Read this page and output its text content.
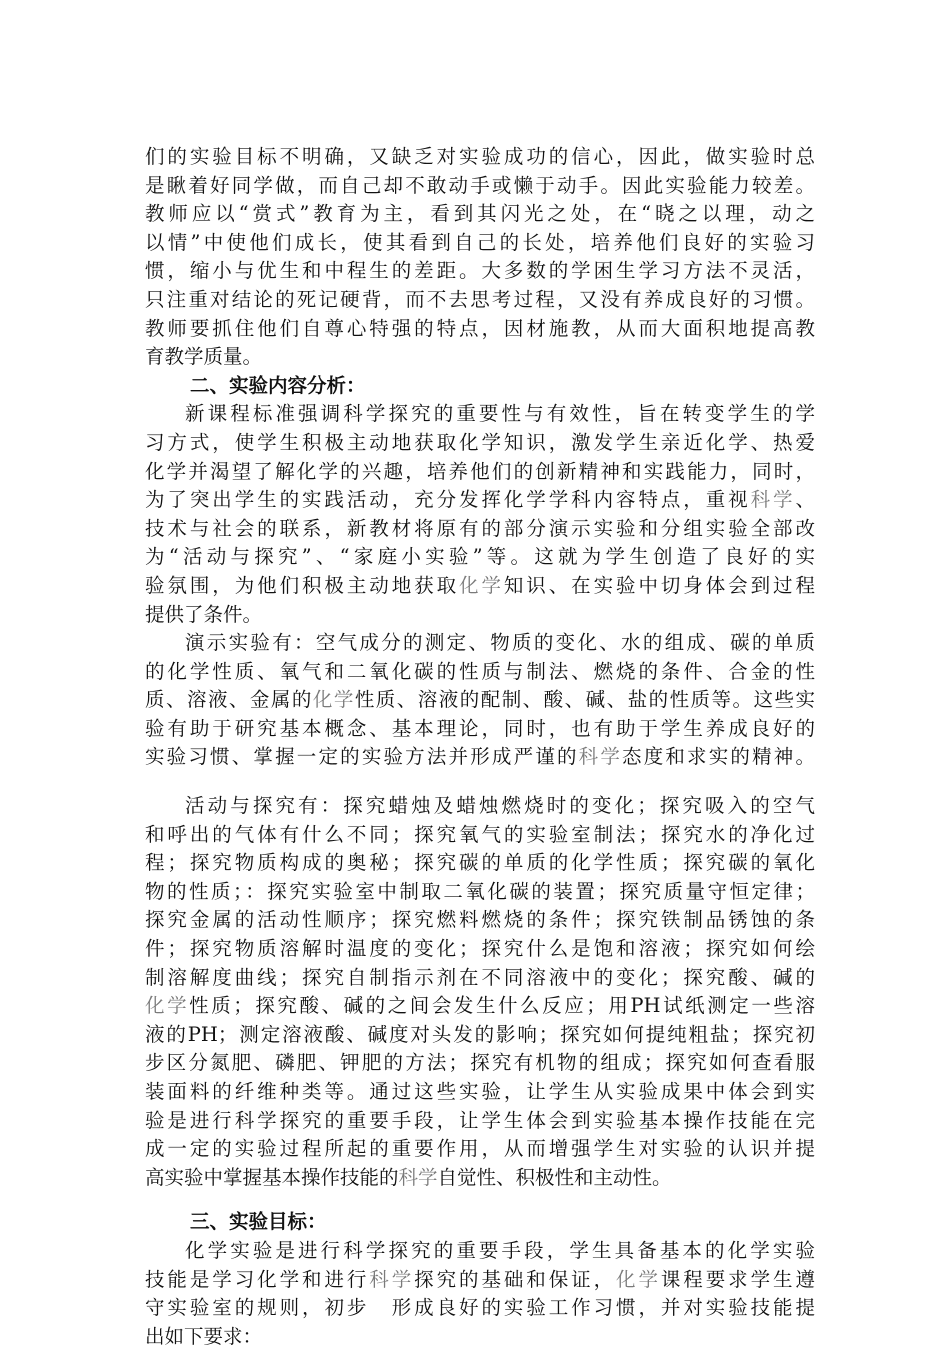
们的实验目标不明确，又缺乏对实验成功的信心，因此，做实验时总
是瞅着好同学做，而自己却不敢动手或懒于动手。因此实验能力较差。
教师应以“赏式”教育为主，看到其闪光之处，在“晓之以理，动之
以情”中使他们成长，使其看到自己的长处，培养他们良好的实验习
惯，缩小与优生和中程生的差距。大多数的学困生学习方法不灵活，
只注重对结论的死记硬背，而不去思考过程，又没有养成良好的习惯。
教师要抓住他们自尊心特强的特点，因材施教，从而大面积地提高教
育教学质量。
二、实验内容分析：
新课程标准强调科学探究的重要性与有效性，旨在转变学生的学
习方式，使学生积极主动地获取化学知识，激发学生亲近化学、热爱
化学并渴望了解化学的兴趣，培养他们的创新精神和实践能力，同时，
为了突出学生的实践活动，充分发挥化学学科内容特点，重视科学、
技术与社会的联系，新教材将原有的部分演示实验和分组实验全部改
为“活动与探究”、“家庭小实验”等。这就为学生创造了良好的实
验氛围，为他们积极主动地获取化学知识、在实验中切身体会到过程
提供了条件。
演示实验有：空气成分的测定、物质的变化、水的组成、碳的单质
的化学性质、氧气和二氧化碳的性质与制法、燃烧的条件、合金的性
质、溶液、金属的化学性质、溶液的配制、酸、碱、盐的性质等。这些实
验有助于研究基本概念、基本理论，同时，也有助于学生养成良好的
实验习惯、掌握一定的实验方法并形成严谨的科学态度和求实的精神。
活动与探究有：探究蜡烛及蜡烛燃烧时的变化；探究吸入的空气
和呼出的气体有什么不同；探究氧气的实验室制法；探究水的净化过
程；探究物质构成的奥秘；探究碳的单质的化学性质；探究碳的氧化
物的性质；：探究实验室中制取二氧化碳的装置；探究质量守恒定律；
探究金属的活动性顺序；探究燃料燃烧的条件；探究铁制品锈蚀的条
件；探究物质溶解时温度的变化；探究什么是饱和溶液；探究如何绘
制溶解度曲线；探究自制指示剂在不同溶液中的变化；探究酸、碱的
化学性质；探究酸、碱的之间会发生什么反应；用PH试纸测定一些溶
液的PH；测定溶液酸、碱度对头发的影响；探究如何提纯粗盐；探究初
步区分氮肥、磷肥、钾肥的方法；探究有机物的组成；探究如何查看服
装面料的纤维种类等。通过这些实验，让学生从实验成果中体会到实
验是进行科学探究的重要手段，让学生体会到实验基本操作技能在完
成一定的实验过程所起的重要作用，从而增强学生对实验的认识并提
高实验中掌握基本操作技能的科学自觉性、积极性和主动性。
三、实验目标：
化学实验是进行科学探究的重要手段，学生具备基本的化学实验
技能是学习化学和进行科学探究的基础和保证，化学课程要求学生遵
守实验室的规则，初步　形成良好的实验工作习惯，并对实验技能提
出如下要求：
